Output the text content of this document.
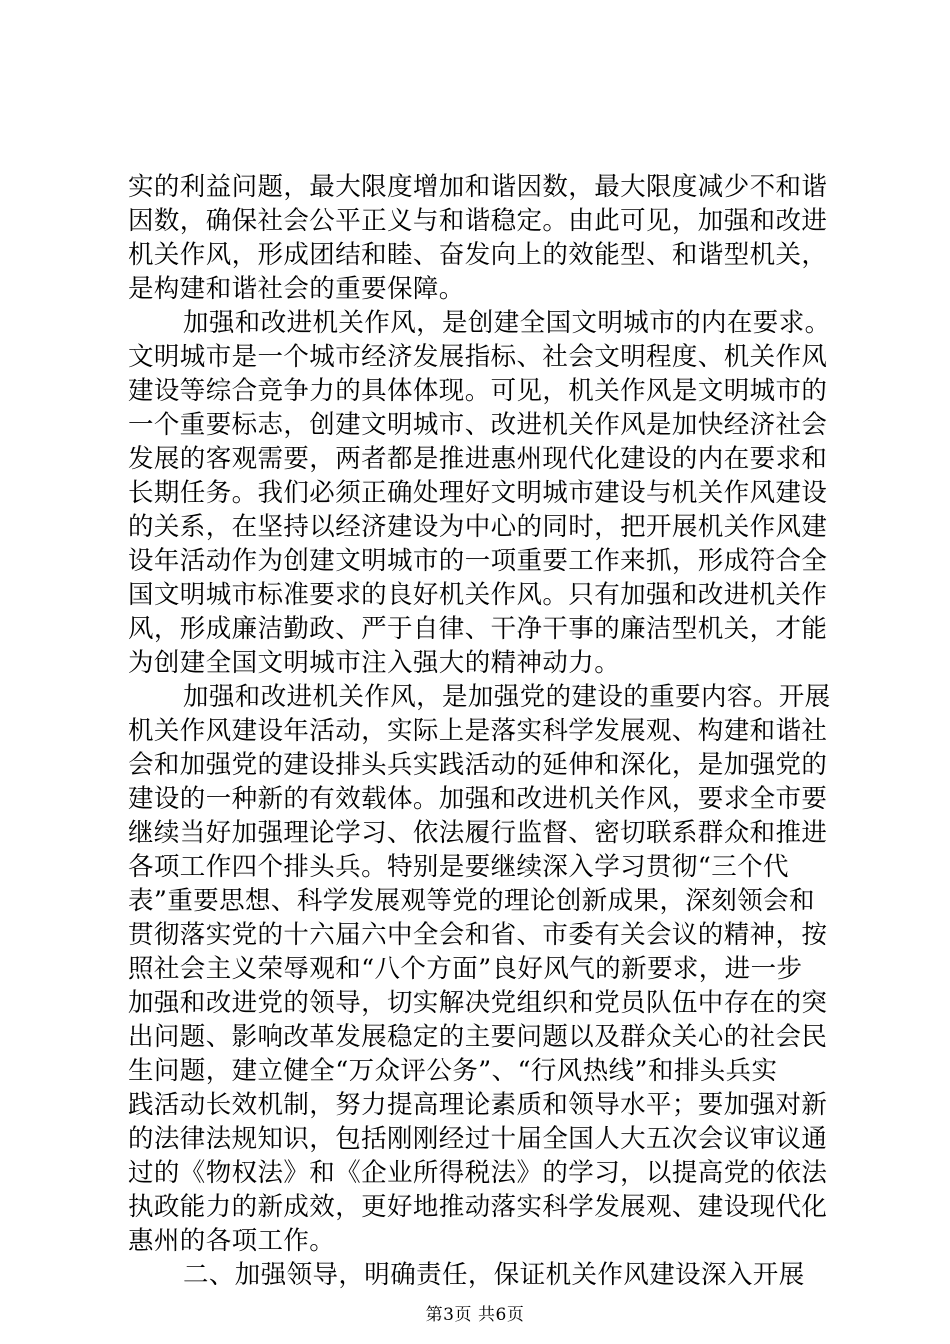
实的利益问题，最大限度增加和谐因数，最大限度减少不和谐
因数，确保社会公平正义与和谐稳定。由此可见，加强和改进
机关作风，形成团结和睦、奋发向上的效能型、和谐型机关，
是构建和谐社会的重要保障。
加强和改进机关作风，是创建全国文明城市的内在要求。
文明城市是一个城市经济发展指标、社会文明程度、机关作风
建设等综合竞争力的具体体现。可见，机关作风是文明城市的
一个重要标志，创建文明城市、改进机关作风是加快经济社会
发展的客观需要，两者都是推进惠州现代化建设的内在要求和
长期任务。我们必须正确处理好文明城市建设与机关作风建设
的关系，在坚持以经济建设为中心的同时，把开展机关作风建
设年活动作为创建文明城市的一项重要工作来抓，形成符合全
国文明城市标准要求的良好机关作风。只有加强和改进机关作
风，形成廉洁勤政、严于自律、干净干事的廉洁型机关，才能
为创建全国文明城市注入强大的精神动力。
加强和改进机关作风，是加强党的建设的重要内容。开展
机关作风建设年活动，实际上是落实科学发展观、构建和谐社
会和加强党的建设排头兵实践活动的延伸和深化，是加强党的
建设的一种新的有效载体。加强和改进机关作风，要求全市要
继续当好加强理论学习、依法履行监督、密切联系群众和推进
各项工作四个排头兵。特别是要继续深入学习贯彻“三个代
表”重要思想、科学发展观等党的理论创新成果，深刻领会和
贯彻落实党的十六届六中全会和省、市委有关会议的精神，按
照社会主义荣辱观和“八个方面”良好风气的新要求，进一步
加强和改进党的领导，切实解决党组织和党员队伍中存在的突
出问题、影响改革发展稳定的主要问题以及群众关心的社会民
生问题，建立健全“万众评公务”、“行风热线”和排头兵实
践活动长效机制，努力提高理论素质和领导水平；要加强对新
的法律法规知识，包括刚刚经过十届全国人大五次会议审议通
过的《物权法》和《企业所得税法》的学习，以提高党的依法
执政能力的新成效，更好地推动落实科学发展观、建设现代化
惠州的各项工作。
二、加强领导，明确责任，保证机关作风建设深入开展
第3页 共6页
